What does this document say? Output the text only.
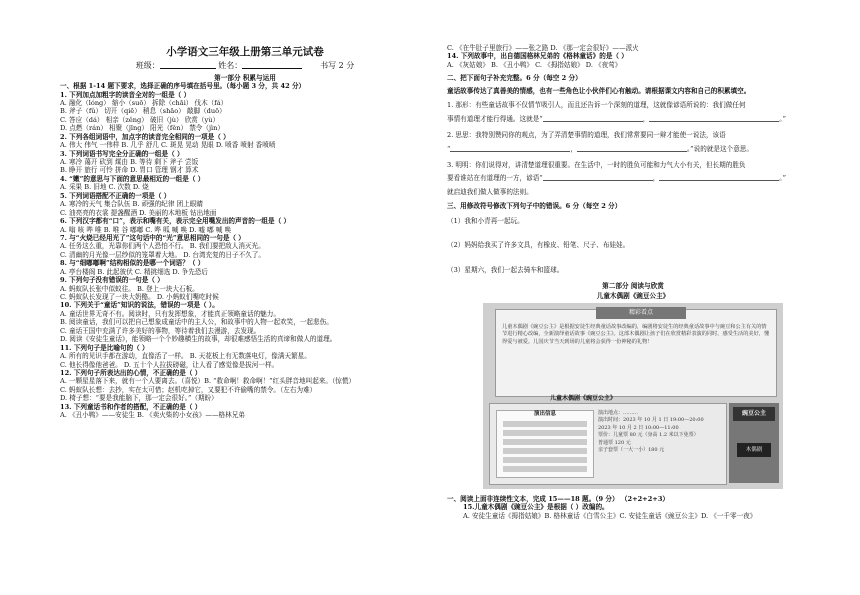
小学语文三年级上册第三单元试卷
班级：	姓名：	书写 2 分
第一部分 积累与运用
一、根据 1-14 题下要求，选择正确的序号填在括号里。（每小题 3 分，共 42 分）
1. 下列加点加粗字的读音全对的一组是（ ）
A. 融化（lóng） 缩小（suō） 拆除（chāi） 伐木（fá）
B. 斧子（fǔ） 切开（qiē） 稍息（shāo） 敲脚（duō）
C. 答应（dá） 相亲（zěng） 破旧（jù） 欣赏（yù）
D. 点燃（rán） 相聚（jīng） 阳光（fěn） 禁令（jìn）
2. 下列各组词语中，加点字的读音完全相同的一项是（ ）
A. 伟大 伟气 一伟样 B. 几乎 舒几 C. 斑晃 晃动 晃眼 D. 喷香 喷射 香喷喷
3. 下列词语书写完全分正确的一组是（ ）
A. 寒冷 蔼开 砍到 煤由 B. 等待 剩下 斧子 尝饭
B. 睁开 旅行 可怜 拼命 D. 胃口 管理 钢才 算术
4. “嫩”的意思与下面的意思最相近的一组是（ ）
A. 采果 B. 旧地 C. 次数 D. 烧
5. 下列词语搭配不正确的一项是（ ）
A. 寒冷的天气 集合队伍 B. 顽强的纪律 团上眼睛
C. 油亮亮的衣裳 提盏醒酒 D. 美丽的木地板 钻出地面
6. 下列汉字都有“口”，表示和嘴有关，表示完全用嘴发出的声音的一组是（ ）
A. 嗡 咳 哔 唯 B. 唯 谷 嘟嘟 C. 哗 呱 喊 唤 D. 嘘 嘟 喊 唤
7. 与“火烧已经用光了”这句话中的“光”意思相同的一句是（ ）
A. 任务这么重，光靠你们两个人恐怕不行。 B. 我们要把敌人消灭光。
C. 清幽的月光像一层纱似的笼罩着大地。 D. 台湾充复的日子不久了。
8. 与“细嘟嘟啊”结构相似的是哪一个词语？（ ）
A. 亭台楼阁 B. 此起彼伏 C. 精挑细选 D. 争先恐后
9. 下列句子没有错误的一句是（ ）
A. 蚂蚁队长张中似蚁往。 B. 登上一块大石板。
C. 蚂蚁队长发现了一块大奶酪。 D. 小蚂蚁们嘴吃时候
10. 下列关于“童话”知识的说法，错误的一项是（ ）。
A. 童话世界无奇不有。阅读时，只有发挥想象，才能真正领略童话的魅力。
B. 阅读童话，我们可以把自己想象成童话中的主人公，和故事中的人物一起欢笑，一起悲伤。
C. 童话王国中充满了许多美好的事物，等待着我们去漫游，去发现。
D. 阅读《安徒生童话》，能领略一个个妙趣横生的故事，却很难感悟生活的真谛和做人的道理。
11. 下列句子是比喻句的（ ）
A. 所有的见识手都在游动，直像活了一样。 B. 天花板上有无数落电灯，像满天繁星。
C. 他长得像他爸爸。 D. 五十个人拉拔磅磁，让人看了感觉像是拔河一样。
12. 下列句子所表达出的心情，不正确的是（ ）
A. 一颗星星落下来，就有一个人要离去。（喜悦）B. “救命啊！救命啊！”红头胖音地叫起来。（惊慌）
C. 蚂蚁队长想：去抄，实在太可惜；赵机吃掉它，又要犯不许偷嘴的禁令。（左右为难）
D. 椅子想：“要是我能脑下，那一定会很好。”（期盼）
13. 下列童话书和作者的搭配，不正确的是（ ）
A. 《丑小鸭》——安徒生 B. 《卖火柴的小女孩》——格林兄弟
C. 《在牛肚子里旅行》——张之路 D. 《那一定会很好》——派火
14. 下列故事中，出自德国格林兄弟的《格林童话》的是（ ）
A. 《灰姑娘》 B. 《丑小鸭》 C. 《拇指姑娘》 D. 《夜莺》
二、把下面句子补充完整。6 分（每空 2 分）
童话故事传达了真善美的情感，也有一些角色让小伙伴们心有触动。请根据课文内容和自己的积累填空。
1. 那形：有些童话故事不仅情节吸引人，而且还告诉一个深刻的道理，这就像谚语所说的：我们做任何
事情有道理才能行得通。这就是“	，	。”
2. 思思：我特别赞同你的观点，为了弄清楚事情的道理，我们常常要同一辩才能使一说法，该语
“	，	。”说的就是这个意思。
3. 明明：你们说得对，讲清楚道理很重要。在生活中，一时的胜负可能和力气大小有关，但长期的胜负
要看谁站在有道理的一方，谚语“	，	。”
就启迪我们做人做事的法则。
三、用修改符号修改下列句子中的错误。6 分（每空 2 分）
（1）我和小青再一起玩。
（2）妈妈给我买了许多文具，有橡皮、铅笔、尺子、布娃娃。
（3）星期六，我们一起去骑车和篮球。
第二部分 阅读与欣赏
儿童木偶剧《豌豆公主》
精彩看点
儿童木偶剧《豌豆公主》是根据安徒生经典童话故事改编的，编剧将安徒生的经典童话故事中与豌豆和公主有关的情节进行精心改编，全新演绎童话故事《豌豆公主》。这部木偶剧让孩子们在欣赏精彩表演的同时，感受生活的美好，懂得爱与被爱。儿国庆节当天到场的儿童将会获得一份神秘的礼物！
儿童木偶剧《豌豆公主》
演出信息	演出地点：………
演出时间：2023 年 10 月 1 日 19:00—20:00
2023 年 10 月 2 日 10:00—11:00
票价：儿童票 80 元（身高 1.2 米以下免票）
普通票 120 元
亲子套票（一大一小）180 元
豌豆公主
木偶剧
一、阅读上面非连续性文本，完成 15——18 题。（9 分） （2+2+2+3）
15.儿童木偶剧《豌豆公主》是根据（ ）改编的。
A. 安徒生童话《拇指姑娘》B. 格林童话《白雪公主》C. 安徒生童话《豌豆公主》D. 《一千零一夜》
